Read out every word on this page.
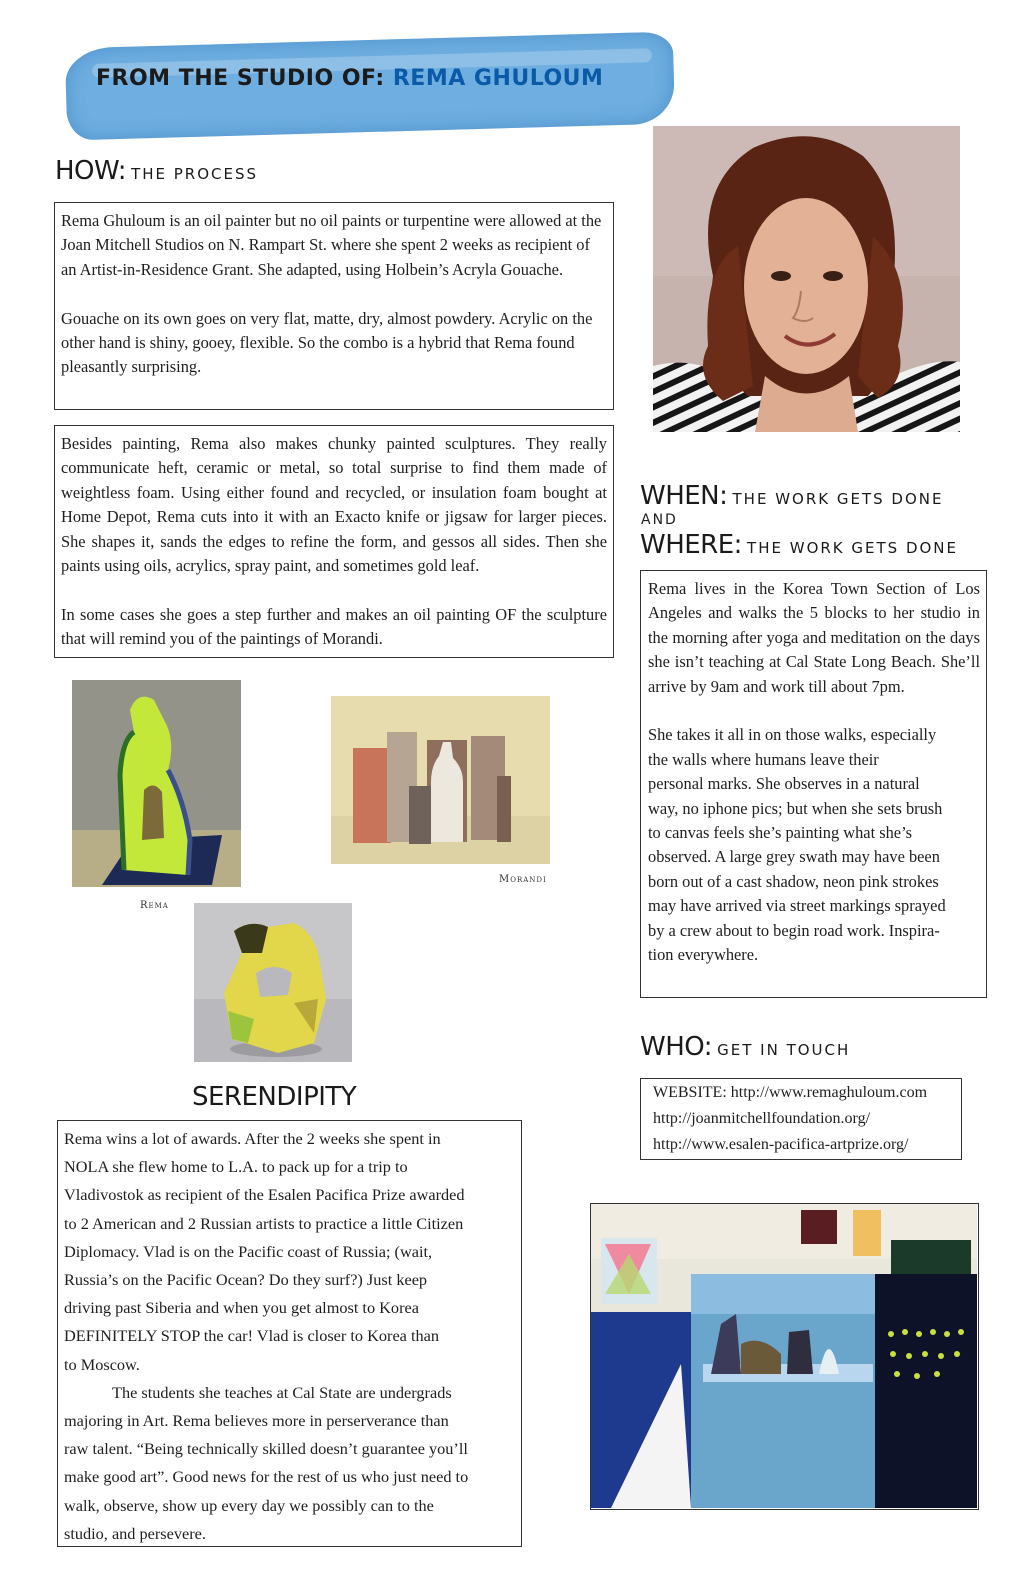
FROM THE STUDIO OF: REMA GHULOUM
HOW: THE PROCESS

Rema Ghuloum is an oil painter but no oil paints or turpentine were allowed at the Joan Mitchell Studios on N. Rampart St. where she spent 2 weeks as recipient of an Artist-in-Residence Grant. She adapted, using Holbein’s Acryla Gouache.

Gouache on its own goes on very flat, matte, dry, almost powdery. Acrylic on the other hand is shiny, gooey, flexible. So the combo is a hybrid that Rema found pleasantly surprising.

Besides painting, Rema also makes chunky painted sculptures. They really communicate heft, ceramic or metal, so total surprise to find them made of weightless foam. Using either found and recycled, or insulation foam bought at Home Depot, Rema cuts into it with an Exacto knife or jigsaw for larger pieces. She shapes it, sands the edges to refine the form, and gessos all sides. Then she paints using oils, acrylics, spray paint, and sometimes gold leaf.

In some cases she goes a step further and makes an oil painting OF the sculpture that will remind you of the paintings of Morandi.

WHEN: THE WORK GETS DONE
AND
WHERE: THE WORK GETS DONE

Rema lives in the Korea Town Section of Los Angeles and walks the 5 blocks to her studio in the morning after yoga and meditation on the days she isn’t teaching at Cal State Long Beach. She’ll arrive by 9am and work till about 7pm.

She takes it all in on those walks, especially
the walls where humans leave their
personal marks. She observes in a natural
way, no iphone pics; but when she sets brush
to canvas feels she’s painting what she’s
observed. A large grey swath may have been
born out of a cast shadow, neon pink strokes
may have arrived via street markings sprayed
by a crew about to begin road work. Inspira-
tion everywhere.
Rema
Morandi
SERENDIPITY
Rema wins a lot of awards. After the 2 weeks she spent in
NOLA she flew home to L.A. to pack up for a trip to
Vladivostok as recipient of the Esalen Pacifica Prize awarded
to 2 American and 2 Russian artists to practice a little Citizen
Diplomacy. Vlad is on the Pacific coast of Russia; (wait,
Russia’s on the Pacific Ocean? Do they surf?) Just keep
driving past Siberia and when you get almost to Korea
DEFINITELY STOP the car! Vlad is closer to Korea than
to Moscow.
The students she teaches at Cal State are undergrads
majoring in Art. Rema believes more in perserverance than
raw talent. “Being technically skilled doesn’t guarantee you’ll
make good art”. Good news for the rest of us who just need to
walk, observe, show up every day we possibly can to the
studio, and persevere.
WHO: GET IN TOUCH
WEBSITE: http://www.remaghuloum.com
http://joanmitchellfoundation.org/
http://www.esalen-pacifica-artprize.org/
